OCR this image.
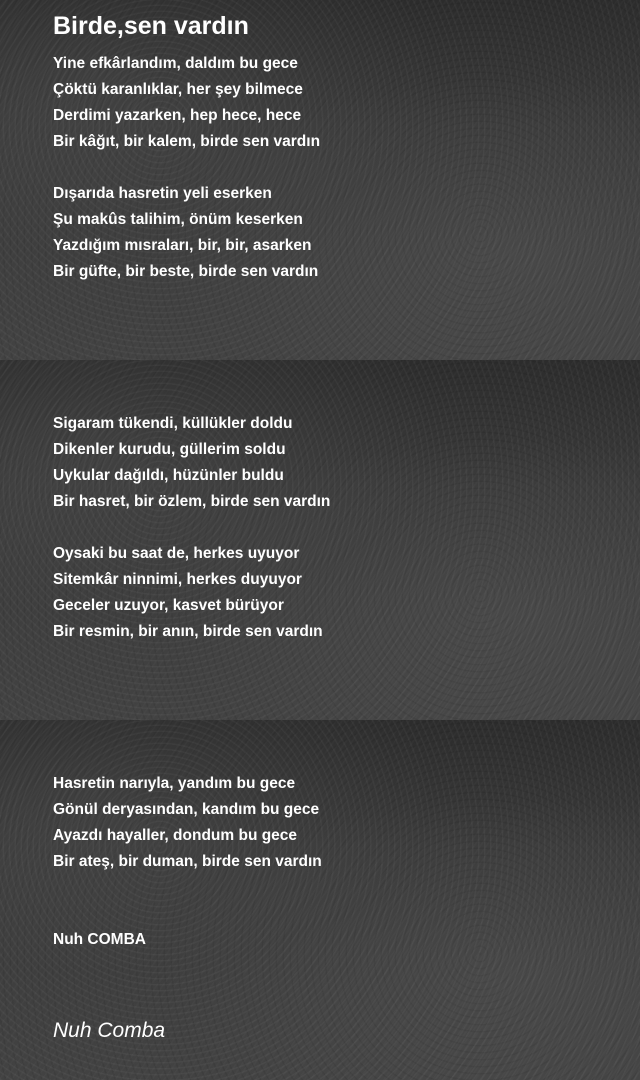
Birde,sen vardın
Yine efkârlandım, daldım bu gece
Çöktü karanlıklar, her şey bilmece
Derdimi yazarken, hep hece, hece
Bir kâğıt, bir kalem, birde sen vardın
Dışarıda hasretin yeli eserken
Şu makûs talihim, önüm keserken
Yazdığım mısraları, bir, bir, asarken
Bir güfte, bir beste, birde sen vardın
Sigaram tükendi, küllükler doldu
Dikenler kurudu, güllerim soldu
Uykular dağıldı, hüzünler buldu
Bir hasret, bir özlem, birde sen vardın
Oysaki bu saat de, herkes uyuyor
Sitemkâr ninnimi, herkes duyuyor
Geceler uzuyor, kasvet bürüyor
Bir resmin, bir anın, birde sen vardın
Hasretin narıyla, yandım bu gece
Gönül deryasından, kandım bu gece
Ayazdı hayaller, dondum bu gece
Bir ateş, bir duman, birde sen vardın
Nuh COMBA
Nuh Comba
